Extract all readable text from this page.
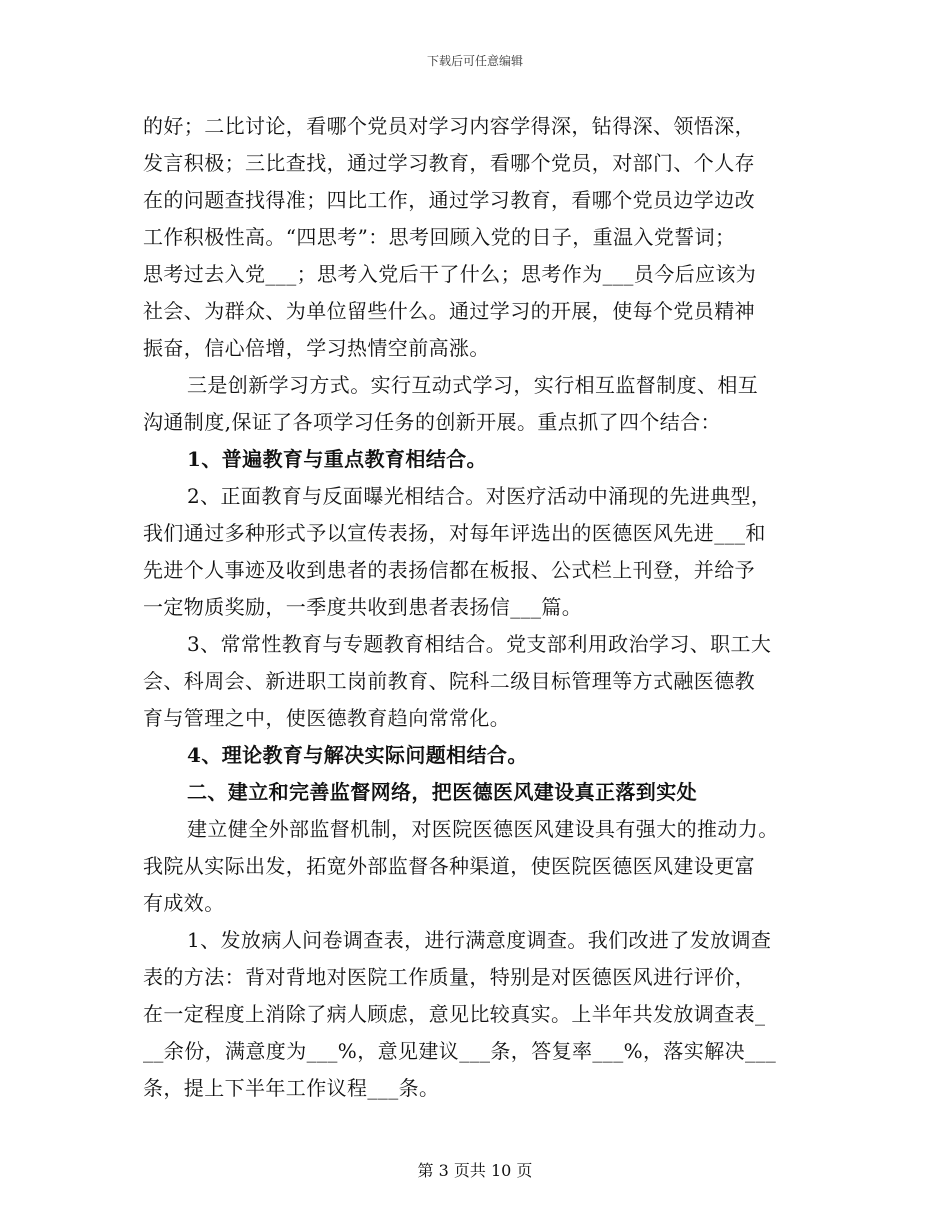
下载后可任意编辑
的好；二比讨论，看哪个党员对学习内容学得深，钻得深、领悟深，
发言积极；三比查找，通过学习教育，看哪个党员，对部门、个人存
在的问题查找得准；四比工作，通过学习教育，看哪个党员边学边改
工作积极性高。“四思考”：思考回顾入党的日子，重温入党誓词；
思考过去入党___；思考入党后干了什么；思考作为___员今后应该为
社会、为群众、为单位留些什么。通过学习的开展，使每个党员精神
振奋，信心倍增，学习热情空前高涨。
三是创新学习方式。实行互动式学习，实行相互监督制度、相互
沟通制度,保证了各项学习任务的创新开展。重点抓了四个结合：
1、普遍教育与重点教育相结合。
2、正面教育与反面曝光相结合。对医疗活动中涌现的先进典型，
我们通过多种形式予以宣传表扬，对每年评选出的医德医风先进___和
先进个人事迹及收到患者的表扬信都在板报、公式栏上刊登，并给予
一定物质奖励，一季度共收到患者表扬信___篇。
3、常常性教育与专题教育相结合。党支部利用政治学习、职工大
会、科周会、新进职工岗前教育、院科二级目标管理等方式融医德教
育与管理之中，使医德教育趋向常常化。
4、理论教育与解决实际问题相结合。
二、建立和完善监督网络，把医德医风建设真正落到实处
建立健全外部监督机制，对医院医德医风建设具有强大的推动力。
我院从实际出发，拓宽外部监督各种渠道，使医院医德医风建设更富
有成效。
1、发放病人问卷调查表，进行满意度调查。我们改进了发放调查
表的方法：背对背地对医院工作质量，特别是对医德医风进行评价，
在一定程度上消除了病人顾虑，意见比较真实。上半年共发放调查表_
__余份，满意度为___%，意见建议___条，答复率___%，落实解决___
条，提上下半年工作议程___条。
第 3 页共 10 页
